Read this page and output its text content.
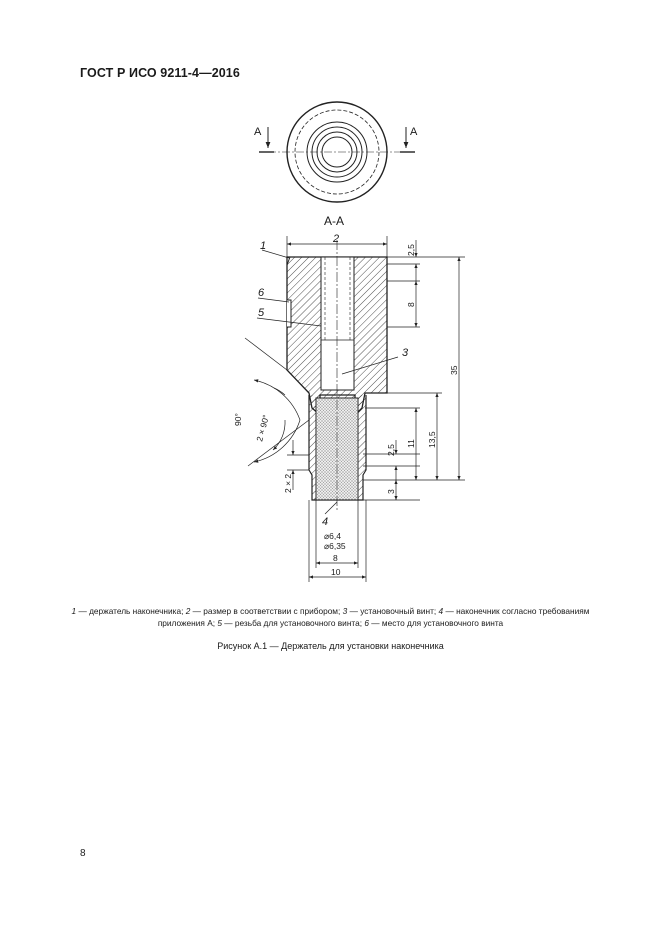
ГОСТ Р ИСО 9211-4—2016
A	A
А-А
1
2
3
4
5
6
2,5
8
35
13,5
11
2,5
3
90° 2 × 90°
2 × 2
⌀6,4
⌀6,35
8
10
1 — держатель наконечника; 2 — размер в соответствии с прибором; 3 — установочный винт; 4 — наконечник согласно требованиям приложения А; 5 — резьба для установочного винта; 6 — место для установочного винта
Рисунок А.1 — Держатель для установки наконечника
8
